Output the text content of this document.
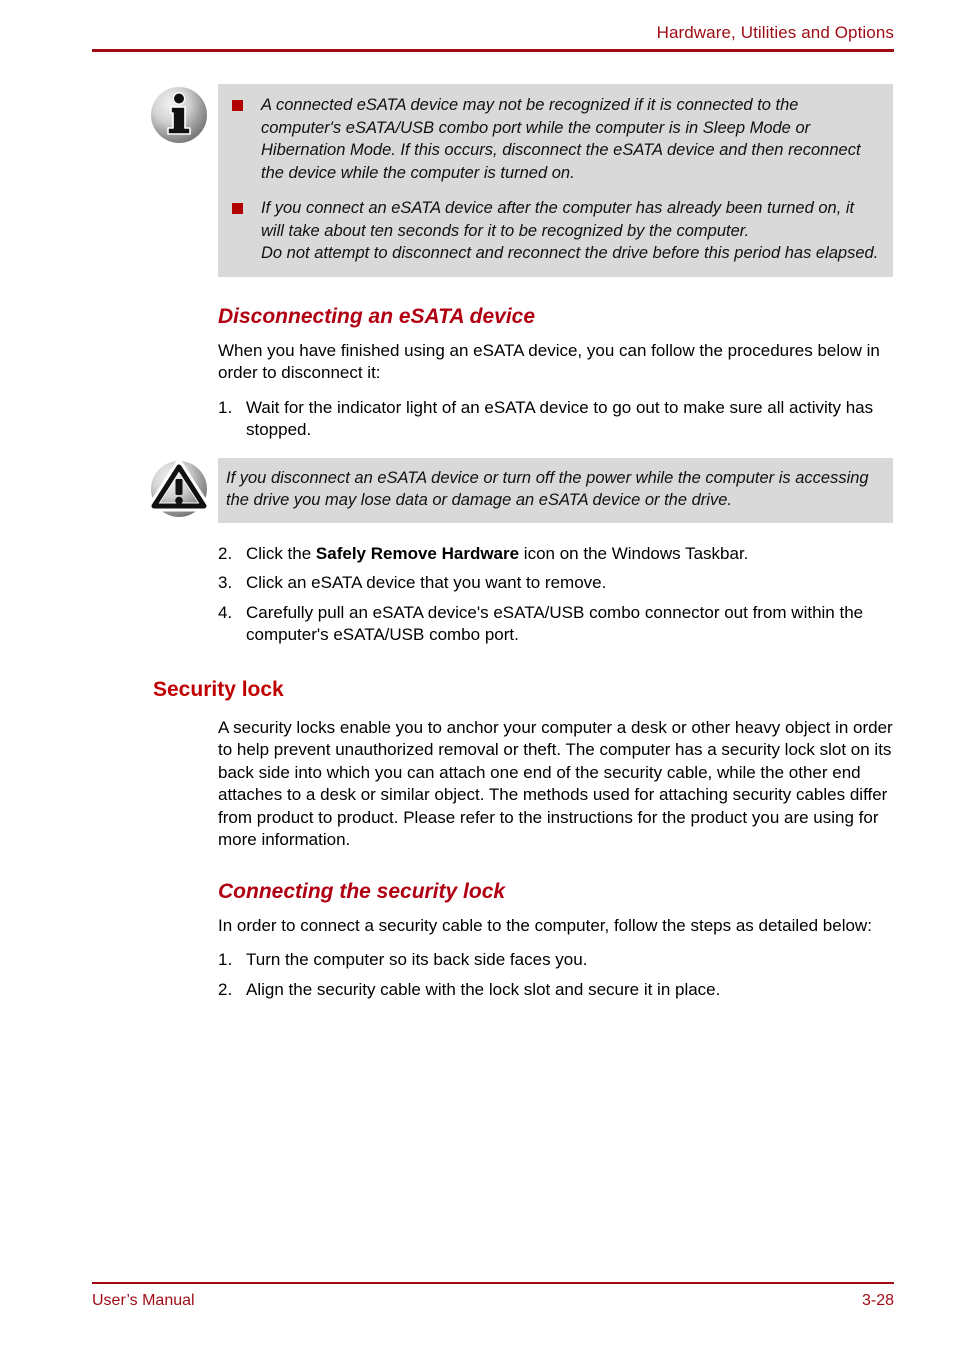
Hardware, Utilities and Options
A connected eSATA device may not be recognized if it is connected to the computer's eSATA/USB combo port while the computer is in Sleep Mode or Hibernation Mode. If this occurs, disconnect the eSATA device and then reconnect the device while the computer is turned on.

If you connect an eSATA device after the computer has already been turned on, it will take about ten seconds for it to be recognized by the computer.

Do not attempt to disconnect and reconnect the drive before this period has elapsed.

Disconnecting an eSATA device

When you have finished using an eSATA device, you can follow the procedures below in order to disconnect it:

1. Wait for the indicator light of an eSATA device to go out to make sure all activity has stopped.
If you disconnect an eSATA device or turn off the power while the computer is accessing the drive you may lose data or damage an eSATA device or the drive.
2. Click the Safely Remove Hardware icon on the Windows Taskbar.
3. Click an eSATA device that you want to remove.
4. Carefully pull an eSATA device's eSATA/USB combo connector out from within the computer's eSATA/USB combo port.
Security lock

A security locks enable you to anchor your computer a desk or other heavy object in order to help prevent unauthorized removal or theft. The computer has a security lock slot on its back side into which you can attach one end of the security cable, while the other end attaches to a desk or similar object. The methods used for attaching security cables differ from product to product. Please refer to the instructions for the product you are using for more information.

Connecting the security lock

In order to connect a security cable to the computer, follow the steps as detailed below:

1. Turn the computer so its back side faces you.
2. Align the security cable with the lock slot and secure it in place.
User’s Manual	3-28
